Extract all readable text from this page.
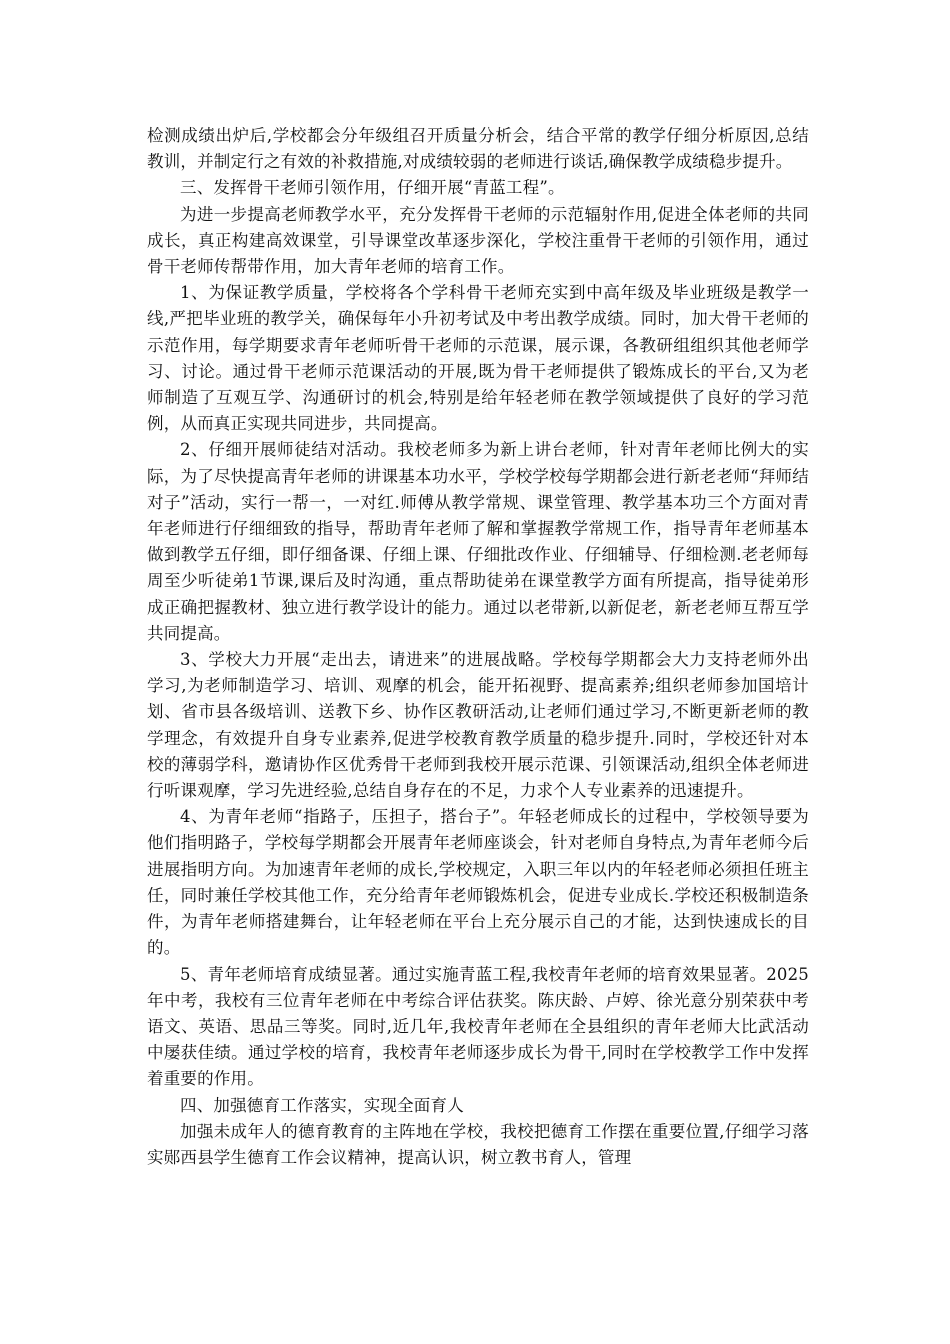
检测成绩出炉后,学校都会分年级组召开质量分析会，结合平常的教学仔细分析原因,总结教训，并制定行之有效的补救措施,对成绩较弱的老师进行谈话,确保教学成绩稳步提升。

三、发挥骨干老师引领作用，仔细开展“青蓝工程”。

为进一步提高老师教学水平，充分发挥骨干老师的示范辐射作用,促进全体老师的共同成长，真正构建高效课堂，引导课堂改革逐步深化，学校注重骨干老师的引领作用，通过骨干老师传帮带作用，加大青年老师的培育工作。

1、为保证教学质量，学校将各个学科骨干老师充实到中高年级及毕业班级是教学一线,严把毕业班的教学关，确保每年小升初考试及中考出教学成绩。同时，加大骨干老师的示范作用，每学期要求青年老师听骨干老师的示范课，展示课，各教研组组织其他老师学习、讨论。通过骨干老师示范课活动的开展,既为骨干老师提供了锻炼成长的平台,又为老师制造了互观互学、沟通研讨的机会,特别是给年轻老师在教学领域提供了良好的学习范例，从而真正实现共同进步，共同提高。

2、仔细开展师徒结对活动。我校老师多为新上讲台老师，针对青年老师比例大的实际，为了尽快提高青年老师的讲课基本功水平，学校学校每学期都会进行新老老师“拜师结对子”活动，实行一帮一，一对红.师傅从教学常规、课堂管理、教学基本功三个方面对青年老师进行仔细细致的指导，帮助青年老师了解和掌握教学常规工作，指导青年老师基本做到教学五仔细，即仔细备课、仔细上课、仔细批改作业、仔细辅导、仔细检测.老老师每周至少听徒弟1节课,课后及时沟通，重点帮助徒弟在课堂教学方面有所提高，指导徒弟形成正确把握教材、独立进行教学设计的能力。通过以老带新,以新促老，新老老师互帮互学共同提高。

3、学校大力开展“走出去，请进来”的进展战略。学校每学期都会大力支持老师外出学习,为老师制造学习、培训、观摩的机会，能开拓视野、提高素养;组织老师参加国培计划、省市县各级培训、送教下乡、协作区教研活动,让老师们通过学习,不断更新老师的教学理念，有效提升自身专业素养,促进学校教育教学质量的稳步提升.同时，学校还针对本校的薄弱学科，邀请协作区优秀骨干老师到我校开展示范课、引领课活动,组织全体老师进行听课观摩，学习先进经验,总结自身存在的不足，力求个人专业素养的迅速提升。

4、为青年老师“指路子，压担子，搭台子”。年轻老师成长的过程中，学校领导要为他们指明路子，学校每学期都会开展青年老师座谈会，针对老师自身特点,为青年老师今后进展指明方向。为加速青年老师的成长,学校规定，入职三年以内的年轻老师必须担任班主任，同时兼任学校其他工作，充分给青年老师锻炼机会，促进专业成长.学校还积极制造条件，为青年老师搭建舞台，让年轻老师在平台上充分展示自己的才能，达到快速成长的目的。

5、青年老师培育成绩显著。通过实施青蓝工程,我校青年老师的培育效果显著。2025年中考，我校有三位青年老师在中考综合评估获奖。陈庆龄、卢婷、徐光意分别荣获中考语文、英语、思品三等奖。同时,近几年,我校青年老师在全县组织的青年老师大比武活动中屡获佳绩。通过学校的培育，我校青年老师逐步成长为骨干,同时在学校教学工作中发挥着重要的作用。

四、加强德育工作落实，实现全面育人

加强未成年人的德育教育的主阵地在学校，我校把德育工作摆在重要位置,仔细学习落实郧西县学生德育工作会议精神，提高认识，树立教书育人，管理
